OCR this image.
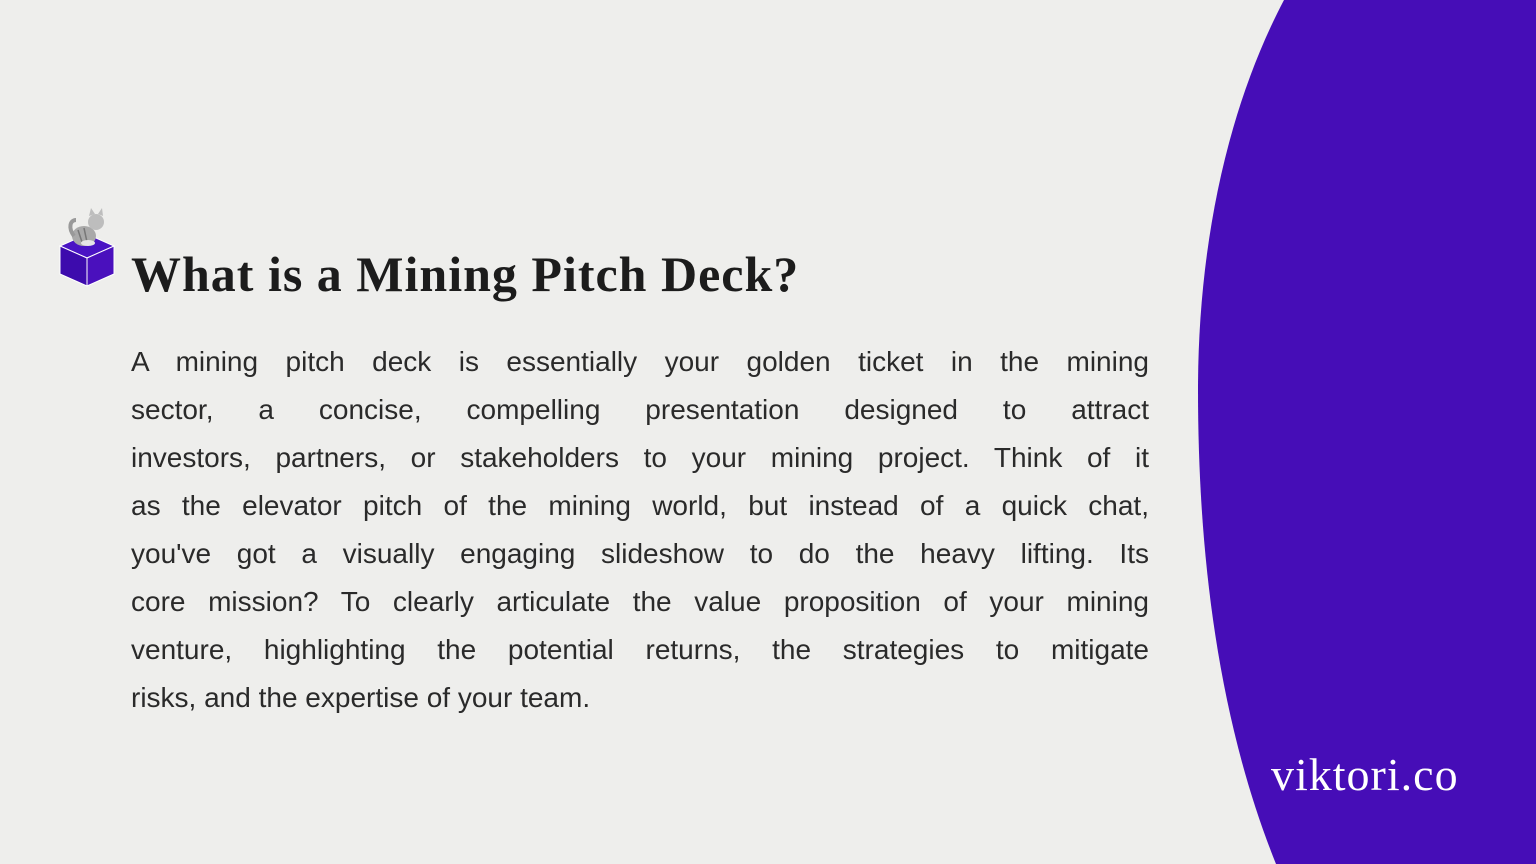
What is a Mining Pitch Deck?
A mining pitch deck is essentially your golden ticket in the mining
sector, a concise, compelling presentation designed to attract
investors, partners, or stakeholders to your mining project. Think of it
as the elevator pitch of the mining world, but instead of a quick chat,
you've got a visually engaging slideshow to do the heavy lifting. Its
core mission? To clearly articulate the value proposition of your mining
venture, highlighting the potential returns, the strategies to mitigate
risks, and the expertise of your team.
viktori.co
